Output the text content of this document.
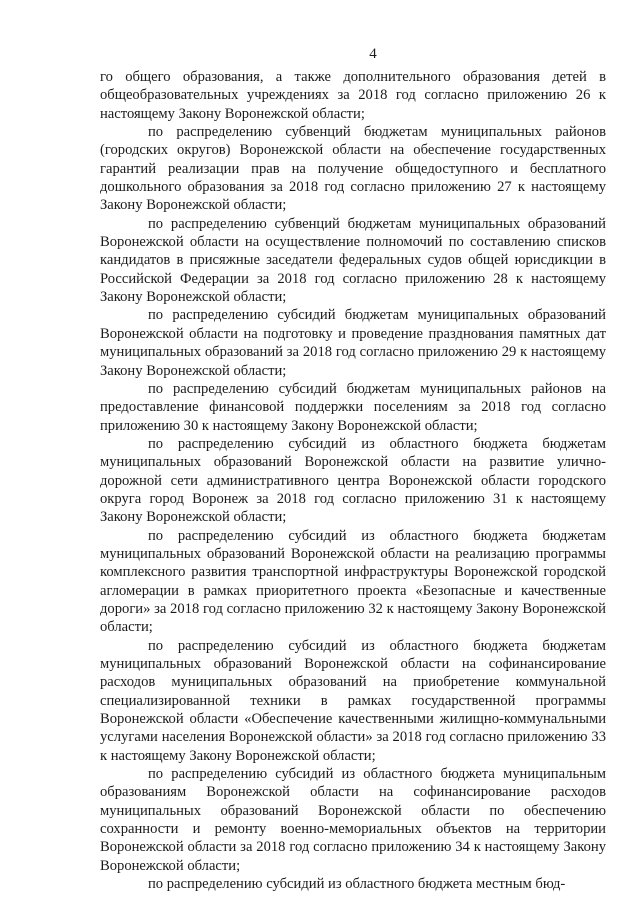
4

го общего образования, а также дополнительного образования детей в общеобразовательных учреждениях за 2018 год согласно приложению 26 к настоящему Закону Воронежской области;

по распределению субвенций бюджетам муниципальных районов (городских округов) Воронежской области на обеспечение государственных гарантий реализации прав на получение общедоступного и бесплатного дошкольного образования за 2018 год согласно приложению 27 к настоящему Закону Воронежской области;

по распределению субвенций бюджетам муниципальных образований Воронежской области на осуществление полномочий по составлению списков кандидатов в присяжные заседатели федеральных судов общей юрисдикции в Российской Федерации за 2018 год согласно приложению 28 к настоящему Закону Воронежской области;

по распределению субсидий бюджетам муниципальных образований Воронежской области на подготовку и проведение празднования памятных дат муниципальных образований за 2018 год согласно приложению 29 к настоящему Закону Воронежской области;

по распределению субсидий бюджетам муниципальных районов на предоставление финансовой поддержки поселениям за 2018 год согласно приложению 30 к настоящему Закону Воронежской области;

по распределению субсидий из областного бюджета бюджетам муниципальных образований Воронежской области на развитие улично-дорожной сети административного центра Воронежской области городского округа город Воронеж за 2018 год согласно приложению 31 к настоящему Закону Воронежской области;

по распределению субсидий из областного бюджета бюджетам муниципальных образований Воронежской области на реализацию программы комплексного развития транспортной инфраструктуры Воронежской городской агломерации в рамках приоритетного проекта «Безопасные и качественные дороги» за 2018 год согласно приложению 32 к настоящему Закону Воронежской области;

по распределению субсидий из областного бюджета бюджетам муниципальных образований Воронежской области на софинансирование расходов муниципальных образований на приобретение коммунальной специализированной техники в рамках государственной программы Воронежской области «Обеспечение качественными жилищно-коммунальными услугами населения Воронежской области» за 2018 год согласно приложению 33 к настоящему Закону Воронежской области;

по распределению субсидий из областного бюджета муниципальным образованиям Воронежской области на софинансирование расходов муниципальных образований Воронежской области по обеспечению сохранности и ремонту военно-мемориальных объектов на территории Воронежской области за 2018 год согласно приложению 34 к настоящему Закону Воронежской области;

по распределению субсидий из областного бюджета местным бюд-
